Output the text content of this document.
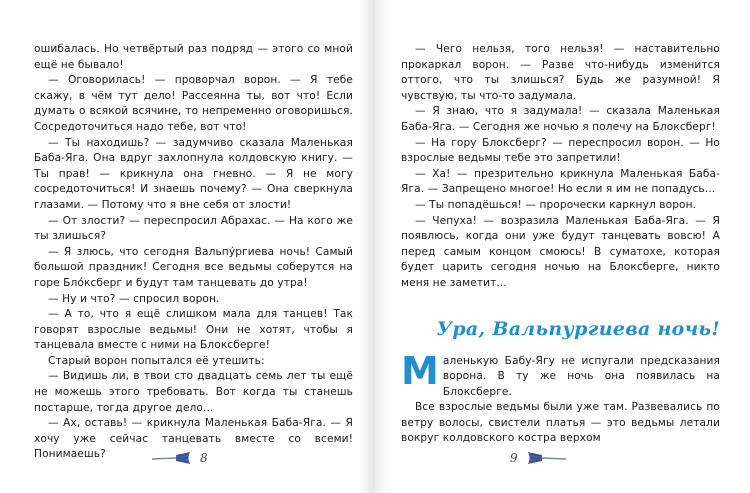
ошибалась. Но четвёртый раз подряд — этого со мной ещё не бывало!

— Оговорилась! — проворчал ворон. — Я тебе скажу, в чём тут дело! Рассеянна ты, вот что! Если думать о всякой всячине, то непременно оговоришься. Сосредоточиться надо тебе, вот что!

— Ты находишь? — задумчиво сказала Маленькая Баба-Яга. Она вдруг захлопнула колдовскую книгу. — Ты прав! — крикнула она гневно. — Я не могу сосредоточиться! И знаешь почему? — Она сверкнула глазами. — Потому что я вне себя от злости!

— От злости? — переспросил Абрахас. — На кого же ты злишься?

— Я злюсь, что сегодня Вальпу́ргиева ночь! Самый большой праздник! Сегодня все ведьмы соберутся на горе Бло́ксберг и будут там танцевать до утра!

— Ну и что? — спросил ворон.

— А то, что я ещё слишком мала для танцев! Так говорят взрослые ведьмы! Они не хотят, чтобы я танцевала вместе с ними на Блоксберге!

Старый ворон попытался её утешить:

— Видишь ли, в твои сто двадцать семь лет ты ещё не можешь этого требовать. Вот когда ты станешь постарше, тогда другое дело...

— Ах, оставь! — крикнула Маленькая Баба-Яга. — Я хочу уже сейчас танцевать вместе со всеми! Понимаешь?	8

— Чего нельзя, того нельзя! — наставительно прокаркал ворон. — Разве что-нибудь изменится оттого, что ты злишься? Будь же разумной! Я чувствую, ты что-то задумала.

— Я знаю, что я задумала! — сказала Маленькая Баба-Яга. — Сегодня же ночью я полечу на Блоксберг!

— На гору Блоксберг? — переспросил ворон. — Но взрослые ведьмы тебе это запретили!

— Ха! — презрительно крикнула Маленькая Баба-Яга. — Запрещено многое! Но если я им не попадусь...

— Ты попадёшься! — пророчески каркнул ворон.

— Чепуха! — возразила Маленькая Баба-Яга. — Я появлюсь, когда они уже будут танцевать вовсю! А перед самым концом смоюсь! В суматохе, которая будет царить сегодня ночью на Блоксберге, никто меня не заметит...

Ура, Вальпургиева ночь!

Маленькую Бабу-Ягу не испугали предсказания ворона. В ту же ночь она появилась на Блоксберге.

Все взрослые ведьмы были уже там. Развевались по ветру волосы, свистели платья — это ведьмы летали вокруг колдовского костра верхом

9
